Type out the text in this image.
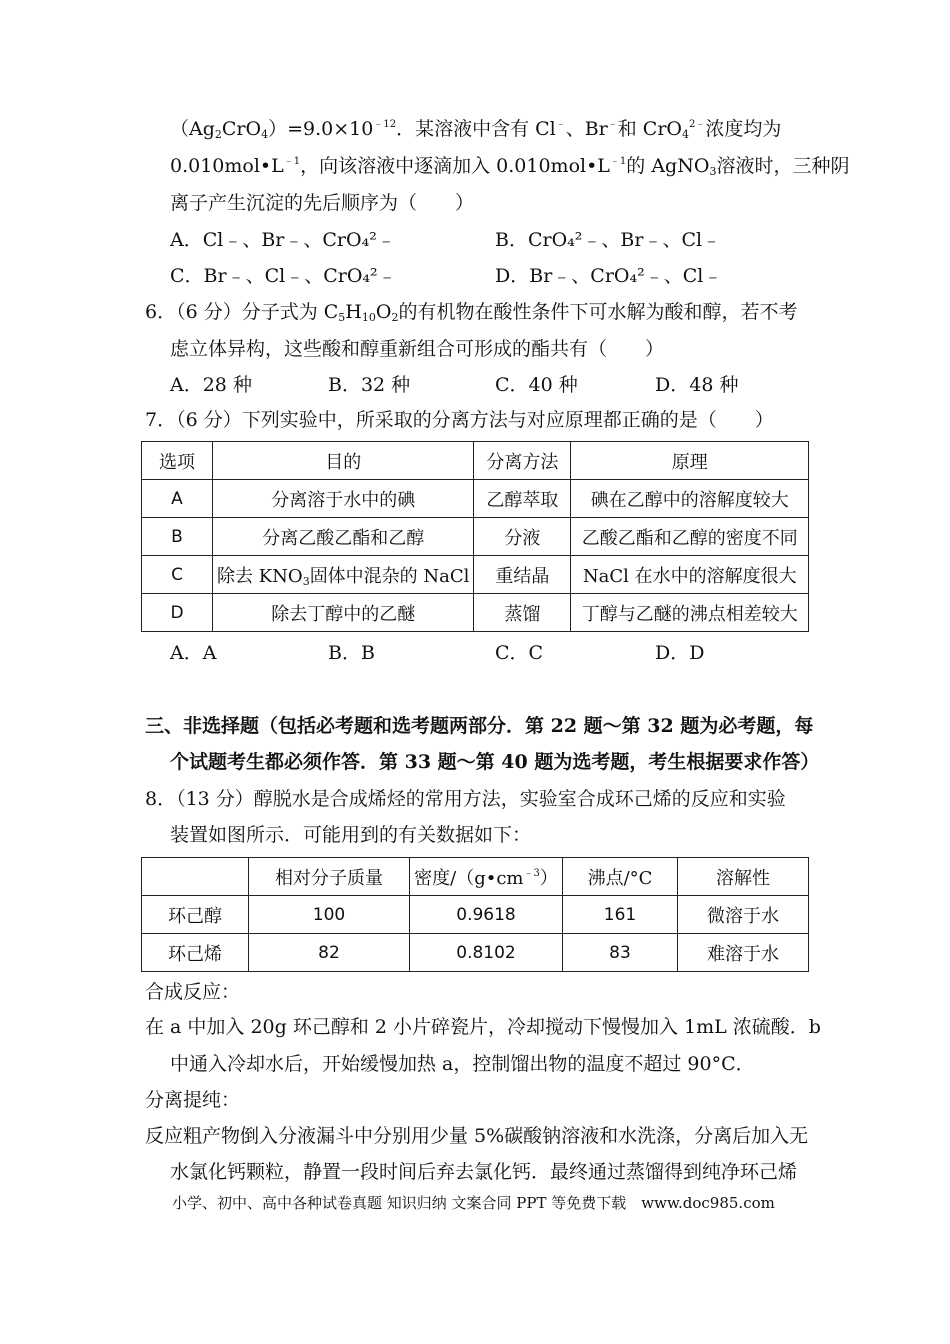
$(Ag_2CrO_4)=9.0\times 10^{﹣12}$．某溶液中含有 Cl﹣、Br﹣和 CrO$_4^{2﹣}$浓度均为
$0.010mol•L^{﹣1}$，向该溶液中逐滴加入 $0.010mol•L^{﹣1}$的 AgNO$_3$溶液时，三种阴
离子产生沉淀的先后顺序为（　　）
A．Cl﹣、Br﹣、CrO₄²﹣	B．CrO₄²﹣、Br﹣、Cl﹣
C．Br﹣、Cl﹣、CrO₄²﹣	D．Br﹣、CrO₄²﹣、Cl﹣
6．（6 分）分子式为 $C_5H_{10}O_2$的有机物在酸性条件下可水解为酸和醇，若不考
虑立体异构，这些酸和醇重新组合可形成的酯共有（　　）
A．28 种	B．32 种	C．40 种	D．48 种
7．（6 分）下列实验中，所采取的分离方法与对应原理都正确的是（　　）
选项	目的	分离方法	原理
A	分离溶于水中的碘	乙醇萃取	碘在乙醇中的溶解度较大
B	分离乙酸乙酯和乙醇	分液	乙酸乙酯和乙醇的密度不同
C	除去 $KNO_3$固体中混杂的 NaCl	重结晶	NaCl 在水中的溶解度很大
D	除去丁醇中的乙醚	蒸馏	丁醇与乙醚的沸点相差较大
A．A	B．B	C．C	D．D
三、非选择题（包括必考题和选考题两部分．第 22 题～第 32 题为必考题，每
个试题考生都必须作答．第 33 题～第 40 题为选考题，考生根据要求作答）
8．（13 分）醇脱水是合成烯烃的常用方法，实验室合成环己烯的反应和实验
装置如图所示．可能用到的有关数据如下：
	相对分子质量	密度$/(g•cm^{﹣3})$	沸点/°C	溶解性
环己醇	100	0.9618	161	微溶于水
环己烯	82	0.8102	83	难溶于水
合成反应：
在 a 中加入 20g 环己醇和 2 小片碎瓷片，冷却搅动下慢慢加入 1mL 浓硫酸．b
中通入冷却水后，开始缓慢加热 a，控制馏出物的温度不超过 90°C．
分离提纯：
反应粗产物倒入分液漏斗中分别用少量 5%碳酸钠溶液和水洗涤，分离后加入无
水氯化钙颗粒，静置一段时间后弃去氯化钙．最终通过蒸馏得到纯净环己烯
小学、初中、高中各种试卷真题 知识归纳 文案合同 PPT 等免费下载　www.doc985.com
